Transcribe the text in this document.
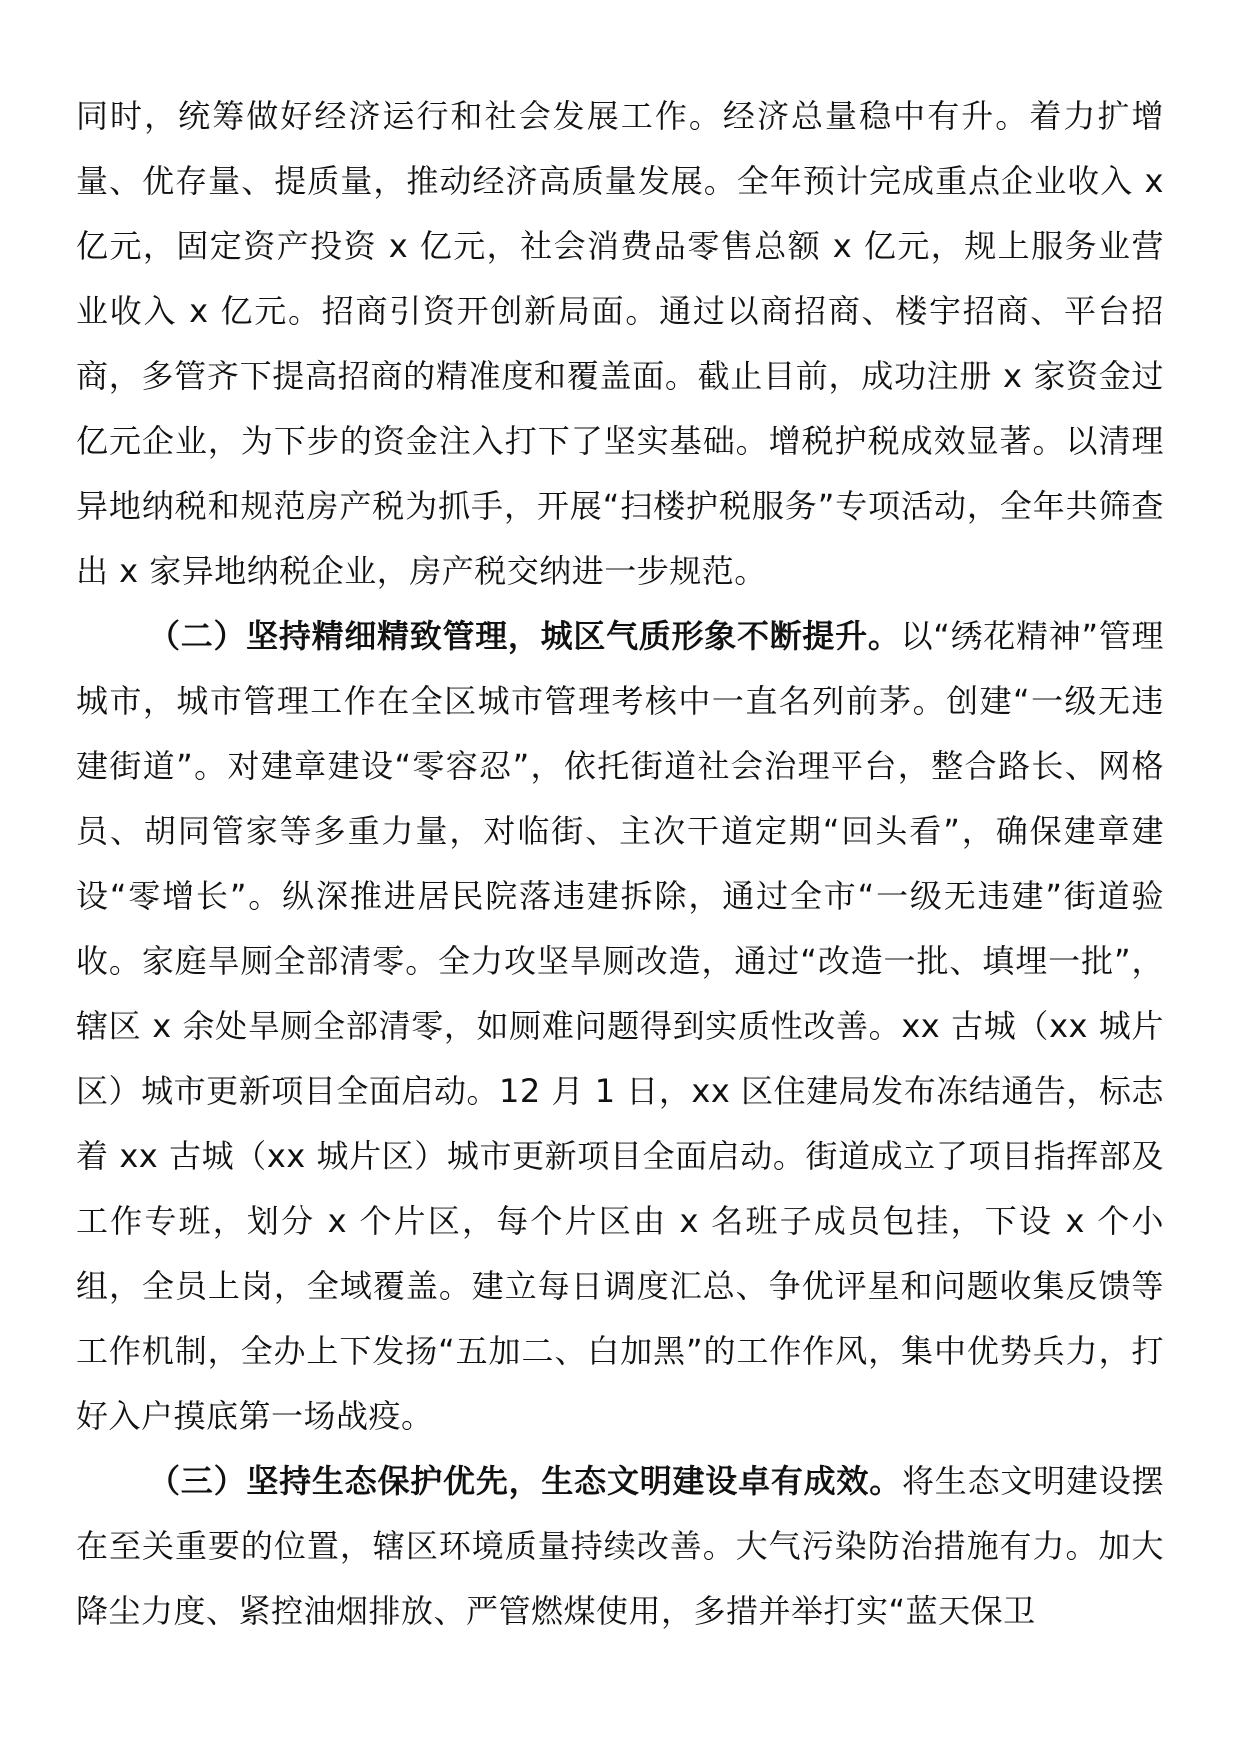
同时，统筹做好经济运行和社会发展工作。经济总量稳中有升。着力扩增量、优存量、提质量，推动经济高质量发展。全年预计完成重点企业收入 x 亿元，固定资产投资 x 亿元，社会消费品零售总额 x 亿元，规上服务业营业收入 x 亿元。招商引资开创新局面。通过以商招商、楼宇招商、平台招商，多管齐下提高招商的精准度和覆盖面。截止目前，成功注册 x 家资金过亿元企业，为下步的资金注入打下了坚实基础。增税护税成效显著。以清理异地纳税和规范房产税为抓手，开展“扫楼护税服务”专项活动，全年共筛查出 x 家异地纳税企业，房产税交纳进一步规范。

（二）坚持精细精致管理，城区气质形象不断提升。以“绣花精神”管理城市，城市管理工作在全区城市管理考核中一直名列前茅。创建“一级无违建街道”。对建章建设“零容忍”，依托街道社会治理平台，整合路长、网格员、胡同管家等多重力量，对临街、主次干道定期“回头看”，确保建章建设“零增长”。纵深推进居民院落违建拆除，通过全市“一级无违建”街道验收。家庭旱厕全部清零。全力攻坚旱厕改造，通过“改造一批、填埋一批”，辖区 x 余处旱厕全部清零，如厕难问题得到实质性改善。xx 古城（xx 城片区）城市更新项目全面启动。12 月 1 日，xx 区住建局发布冻结通告，标志着 xx 古城（xx 城片区）城市更新项目全面启动。街道成立了项目指挥部及工作专班，划分 x 个片区，每个片区由 x 名班子成员包挂，下设 x 个小组，全员上岗，全域覆盖。建立每日调度汇总、争优评星和问题收集反馈等工作机制，全办上下发扬“五加二、白加黑”的工作作风，集中优势兵力，打好入户摸底第一场战疫。

（三）坚持生态保护优先，生态文明建设卓有成效。将生态文明建设摆在至关重要的位置，辖区环境质量持续改善。大气污染防治措施有力。加大降尘力度、紧控油烟排放、严管燃煤使用，多措并举打实“蓝天保卫
